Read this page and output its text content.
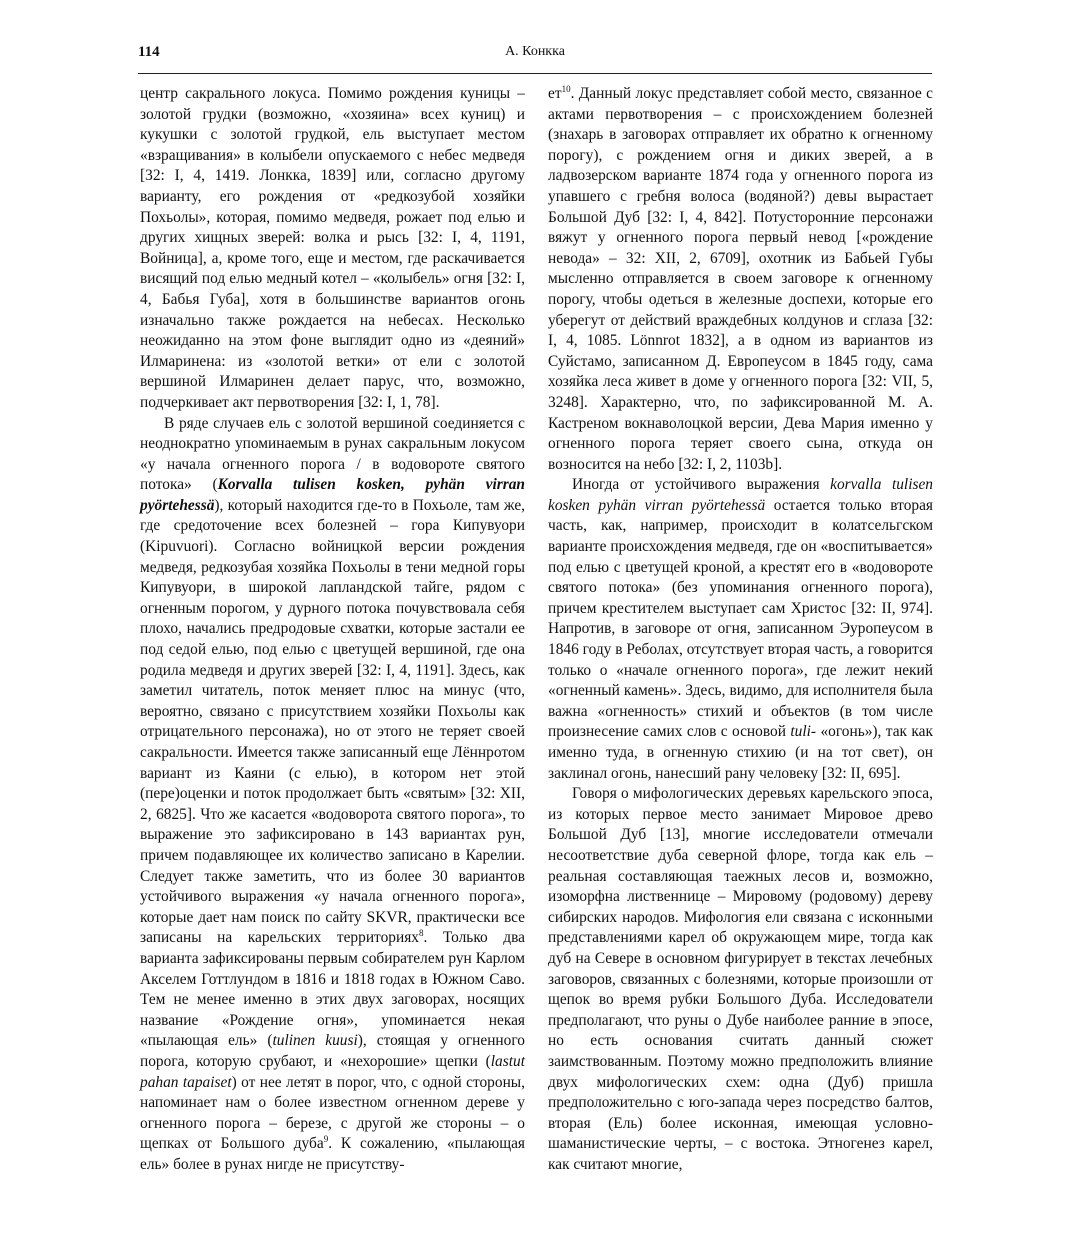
114	А. Конкка

центр сакрального локуса. Помимо рождения куницы – золотой грудки (возможно, «хозяина» всех куниц) и кукушки с золотой грудкой, ель выступает местом «взращивания» в колыбели опускаемого с небес медведя [32: I, 4, 1419. Лонкка, 1839] или, согласно другому варианту, его рождения от «редкозубой хозяйки Похьолы», которая, помимо медведя, рожает под елью и других хищных зверей: волка и рысь [32: I, 4, 1191, Войница], а, кроме того, еще и местом, где раскачивается висящий под елью медный котел – «колыбель» огня [32: I, 4, Бабья Губа], хотя в большинстве вариантов огонь изначально также рождается на небесах. Несколько неожиданно на этом фоне выглядит одно из «деяний» Илмаринена: из «золотой ветки» от ели с золотой вершиной Илмаринен делает парус, что, возможно, подчеркивает акт первотворения [32: I, 1, 78].

В ряде случаев ель с золотой вершиной соединяется с неоднократно упоминаемым в рунах сакральным локусом «у начала огненного порога / в водовороте святого потока» (Korvalla tulisen kosken, pyhän virran pyörtehessä), который находится где-то в Похьоле, там же, где средоточение всех болезней – гора Кипувуори (Kipuvuori). Согласно войницкой версии рождения медведя, редкозубая хозяйка Похьолы в тени медной горы Кипувуори, в широкой лапландской тайге, рядом с огненным порогом, у дурного потока почувствовала себя плохо, начались предродовые схватки, которые застали ее под седой елью, под елью с цветущей вершиной, где она родила медведя и других зверей [32: I, 4, 1191]. Здесь, как заметил читатель, поток меняет плюс на минус (что, вероятно, связано с присутствием хозяйки Похьолы как отрицательного персонажа), но от этого не теряет своей сакральности. Имеется также записанный еще Лённротом вариант из Каяни (с елью), в котором нет этой (пере)оценки и поток продолжает быть «святым» [32: XII, 2, 6825]. Что же касается «водоворота святого порога», то выражение это зафиксировано в 143 вариантах рун, причем подавляющее их количество записано в Карелии. Следует также заметить, что из более 30 вариантов устойчивого выражения «у начала огненного порога», которые дает нам поиск по сайту SKVR, практически все записаны на карельских территориях$^8$. Только два варианта зафиксированы первым собирателем рун Карлом Акселем Готтлундом в 1816 и 1818 годах в Южном Саво. Тем не менее именно в этих двух заговорах, носящих название «Рождение огня», упоминается некая «пылающая ель» (tulinen kuusi), стоящая у огненного порога, которую срубают, и «нехорошие» щепки (lastut pahan tapaiset) от нее летят в порог, что, с одной стороны, напоминает нам о более известном огненном дереве у огненного порога – березе, с другой же стороны – о щепках от Большого дуба$^9$. К сожалению, «пылающая ель» более в рунах нигде не присутству-

$ет^{10}$. Данный локус представляет собой место, связанное с актами первотворения – с происхождением болезней (знахарь в заговорах отправляет их обратно к огненному порогу), с рождением огня и диких зверей, а в ладвозерском варианте 1874 года у огненного порога из упавшего с гребня волоса (водяной?) девы вырастает Большой Дуб [32: I, 4, 842]. Потусторонние персонажи вяжут у огненного порога первый невод [«рождение невода» – 32: XII, 2, 6709], охотник из Бабьей Губы мысленно отправляется в своем заговоре к огненному порогу, чтобы одеться в железные доспехи, которые его уберегут от действий враждебных колдунов и сглаза [32: I, 4, 1085. Lönnrot 1832], а в одном из вариантов из Суйстамо, записанном Д. Европеусом в 1845 году, сама хозяйка леса живет в доме у огненного порога [32: VII, 5, 3248]. Характерно, что, по зафиксированной М. А. Кастреном вокнаволоцкой версии, Дева Мария именно у огненного порога теряет своего сына, откуда он возносится на небо [32: I, 2, 1103b].

Иногда от устойчивого выражения korvalla tulisen kosken pyhän virran pyörtehessä остается только вторая часть, как, например, происходит в колатсельгском варианте происхождения медведя, где он «воспитывается» под елью с цветущей кроной, а крестят его в «водовороте святого потока» (без упоминания огненного порога), причем крестителем выступает сам Христос [32: II, 974]. Напротив, в заговоре от огня, записанном Эуропеусом в 1846 году в Реболах, отсутствует вторая часть, а говорится только о «начале огненного порога», где лежит некий «огненный камень». Здесь, видимо, для исполнителя была важна «огненность» стихий и объектов (в том числе произнесение самих слов с основой tuli- «огонь»), так как именно туда, в огненную стихию (и на тот свет), он заклинал огонь, нанесший рану человеку [32: II, 695].

Говоря о мифологических деревьях карельского эпоса, из которых первое место занимает Мировое древо Большой Дуб [13], многие исследователи отмечали несоответствие дуба северной флоре, тогда как ель – реальная составляющая таежных лесов и, возможно, изоморфна лиственнице – Мировому (родовому) дереву сибирских народов. Мифология ели связана с исконными представлениями карел об окружающем мире, тогда как дуб на Севере в основном фигурирует в текстах лечебных заговоров, связанных с болезнями, которые произошли от щепок во время рубки Большого Дуба. Исследователи предполагают, что руны о Дубе наиболее ранние в эпосе, но есть основания считать данный сюжет заимствованным. Поэтому можно предположить влияние двух мифологических схем: одна (Дуб) пришла предположительно с юго-запада через посредство балтов, вторая (Ель) более исконная, имеющая условно-шаманистические черты, – с востока. Этногенез карел, как считают многие,
